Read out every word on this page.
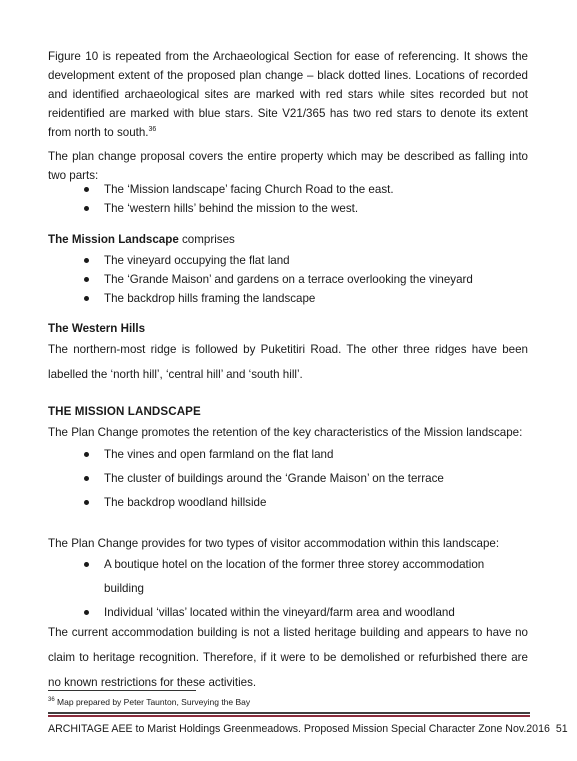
Figure 10 is repeated from the Archaeological Section for ease of referencing. It shows the development extent of the proposed plan change – black dotted lines. Locations of recorded and identified archaeological sites are marked with red stars while sites recorded but not reidentified are marked with blue stars. Site V21/365 has two red stars to denote its extent from north to south.$^{36}$

The plan change proposal covers the entire property which may be described as falling into two parts:

The ‘Mission landscape’ facing Church Road to the east.
The ‘western hills’ behind the mission to the west.

The Mission Landscape comprises

The vineyard occupying the flat land
The ‘Grande Maison’ and gardens on a terrace overlooking the vineyard
The backdrop hills framing the landscape

The Western Hills

The northern-most ridge is followed by Puketitiri Road. The other three ridges have been labelled the ‘north hill’, ‘central hill’ and ‘south hill’.

THE MISSION LANDSCAPE

The Plan Change promotes the retention of the key characteristics of the Mission landscape:

The vines and open farmland on the flat land
The cluster of buildings around the ‘Grande Maison’ on the terrace
The backdrop woodland hillside

The Plan Change provides for two types of visitor accommodation within this landscape:

A boutique hotel on the location of the former three storey accommodation building
Individual ‘villas’ located within the vineyard/farm area and woodland

The current accommodation building is not a listed heritage building and appears to have no claim to heritage recognition. Therefore, if it were to be demolished or refurbished there are no known restrictions for these activities.

$^{36}$ Map prepared by Peter Taunton, Surveying the Bay

ARCHITAGE AEE to Marist Holdings Greenmeadows. Proposed Mission Special Character Zone Nov.2016 51
